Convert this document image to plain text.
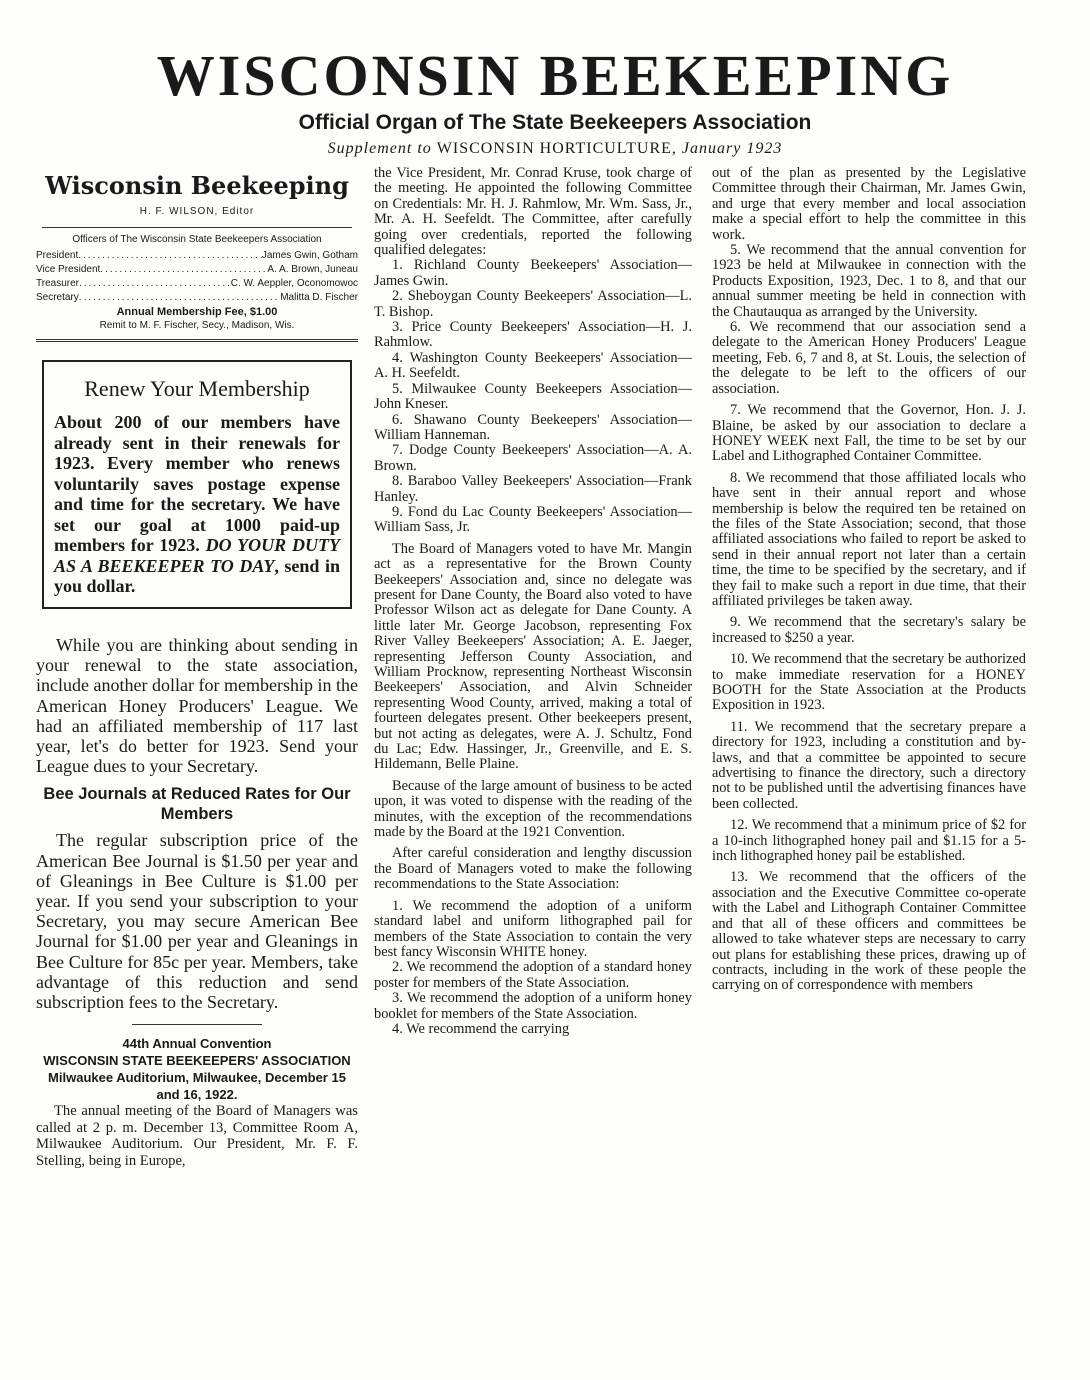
WISCONSIN BEEKEEPING
Official Organ of The State Beekeepers Association
Supplement to WISCONSIN HORTICULTURE, January 1923
Wisconsin Beekeeping
H. F. WILSON, Editor
Officers of The Wisconsin State Beekeepers Association
President .....	James Gwin, Gotham
Vice President .....	A. A. Brown, Juneau
Treasurer .....	C. W. Aeppler, Oconomowoc
Secretary .....	Malitta D. Fischer
Annual Membership Fee, $1.00
Remit to M. F. Fischer, Secy., Madison, Wis.
Renew Your Membership
About 200 of our members have already sent in their renewals for 1923. Every member who renews voluntarily saves postage expense and time for the secretary. We have set our goal at 1000 paid-up members for 1923. DO YOUR DUTY AS A BEEKEEPER TO DAY, send in you dollar.

While you are thinking about sending in your renewal to the state association, include another dollar for membership in the American Honey Producers' League. We had an affiliated membership of 117 last year, let's do better for 1923. Send your League dues to your Secretary.

Bee Journals at Reduced Rates for Our Members

The regular subscription price of the American Bee Journal is $1.50 per year and of Gleanings in Bee Culture is $1.00 per year. If you send your subscription to your Secretary, you may secure American Bee Journal for $1.00 per year and Gleanings in Bee Culture for 85c per year. Members, take advantage of this reduction and send subscription fees to the Secretary.

44th Annual Convention
WISCONSIN STATE BEEKEEPERS' ASSOCIATION
Milwaukee Auditorium, Milwaukee, December 15 and 16, 1922.

The annual meeting of the Board of Managers was called at 2 p. m. December 13, Committee Room A, Milwaukee Auditorium. Our President, Mr. F. F. Stelling, being in Europe,

the Vice President, Mr. Conrad Kruse, took charge of the meeting. He appointed the following Committee on Credentials: Mr. H. J. Rahmlow, Mr. Wm. Sass, Jr., Mr. A. H. Seefeldt. The Committee, after carefully going over credentials, reported the following qualified delegates:

1. Richland County Beekeepers' Association—James Gwin.

2. Sheboygan County Beekeepers' Association—L. T. Bishop.

3. Price County Beekeepers' Association—H. J. Rahmlow.

4. Washington County Beekeepers' Association—A. H. Seefeldt.

5. Milwaukee County Beekeepers Association—John Kneser.

6. Shawano County Beekeepers' Association—William Hanneman.

7. Dodge County Beekeepers' Association—A. A. Brown.

8. Baraboo Valley Beekeepers' Association—Frank Hanley.

9. Fond du Lac County Beekeepers' Association—William Sass, Jr.

The Board of Managers voted to have Mr. Mangin act as a representative for the Brown County Beekeepers' Association and, since no delegate was present for Dane County, the Board also voted to have Professor Wilson act as delegate for Dane County. A little later Mr. George Jacobson, representing Fox River Valley Beekeepers' Association; A. E. Jaeger, representing Jefferson County Association, and William Procknow, representing Northeast Wisconsin Beekeepers' Association, and Alvin Schneider representing Wood County, arrived, making a total of fourteen delegates present. Other beekeepers present, but not acting as delegates, were A. J. Schultz, Fond du Lac; Edw. Hassinger, Jr., Greenville, and E. S. Hildemann, Belle Plaine.

Because of the large amount of business to be acted upon, it was voted to dispense with the reading of the minutes, with the exception of the recommendations made by the Board at the 1921 Convention.

After careful consideration and lengthy discussion the Board of Managers voted to make the following recommendations to the State Association:

1. We recommend the adoption of a uniform standard label and uniform lithographed pail for members of the State Association to contain the very best fancy Wisconsin WHITE honey.

2. We recommend the adoption of a standard honey poster for members of the State Association.

3. We recommend the adoption of a uniform honey booklet for members of the State Association.

4. We recommend the carrying

out of the plan as presented by the Legislative Committee through their Chairman, Mr. James Gwin, and urge that every member and local association make a special effort to help the committee in this work.

5. We recommend that the annual convention for 1923 be held at Milwaukee in connection with the Products Exposition, 1923, Dec. 1 to 8, and that our annual summer meeting be held in connection with the Chautauqua as arranged by the University.

6. We recommend that our association send a delegate to the American Honey Producers' League meeting, Feb. 6, 7 and 8, at St. Louis, the selection of the delegate to be left to the officers of our association.

7. We recommend that the Governor, Hon. J. J. Blaine, be asked by our association to declare a HONEY WEEK next Fall, the time to be set by our Label and Lithographed Container Committee.

8. We recommend that those affiliated locals who have sent in their annual report and whose membership is below the required ten be retained on the files of the State Association; second, that those affiliated associations who failed to report be asked to send in their annual report not later than a certain time, the time to be specified by the secretary, and if they fail to make such a report in due time, that their affiliated privileges be taken away.

9. We recommend that the secretary's salary be increased to $250 a year.

10. We recommend that the secretary be authorized to make immediate reservation for a HONEY BOOTH for the State Association at the Products Exposition in 1923.

11. We recommend that the secretary prepare a directory for 1923, including a constitution and by-laws, and that a committee be appointed to secure advertising to finance the directory, such a directory not to be published until the advertising finances have been collected.

12. We recommend that a minimum price of $2 for a 10-inch lithographed honey pail and $1.15 for a 5-inch lithographed honey pail be established.

13. We recommend that the officers of the association and the Executive Committee co-operate with the Label and Lithograph Container Committee and that all of these officers and committees be allowed to take whatever steps are necessary to carry out plans for establishing these prices, drawing up of contracts, including in the work of these people the carrying on of correspondence with members
